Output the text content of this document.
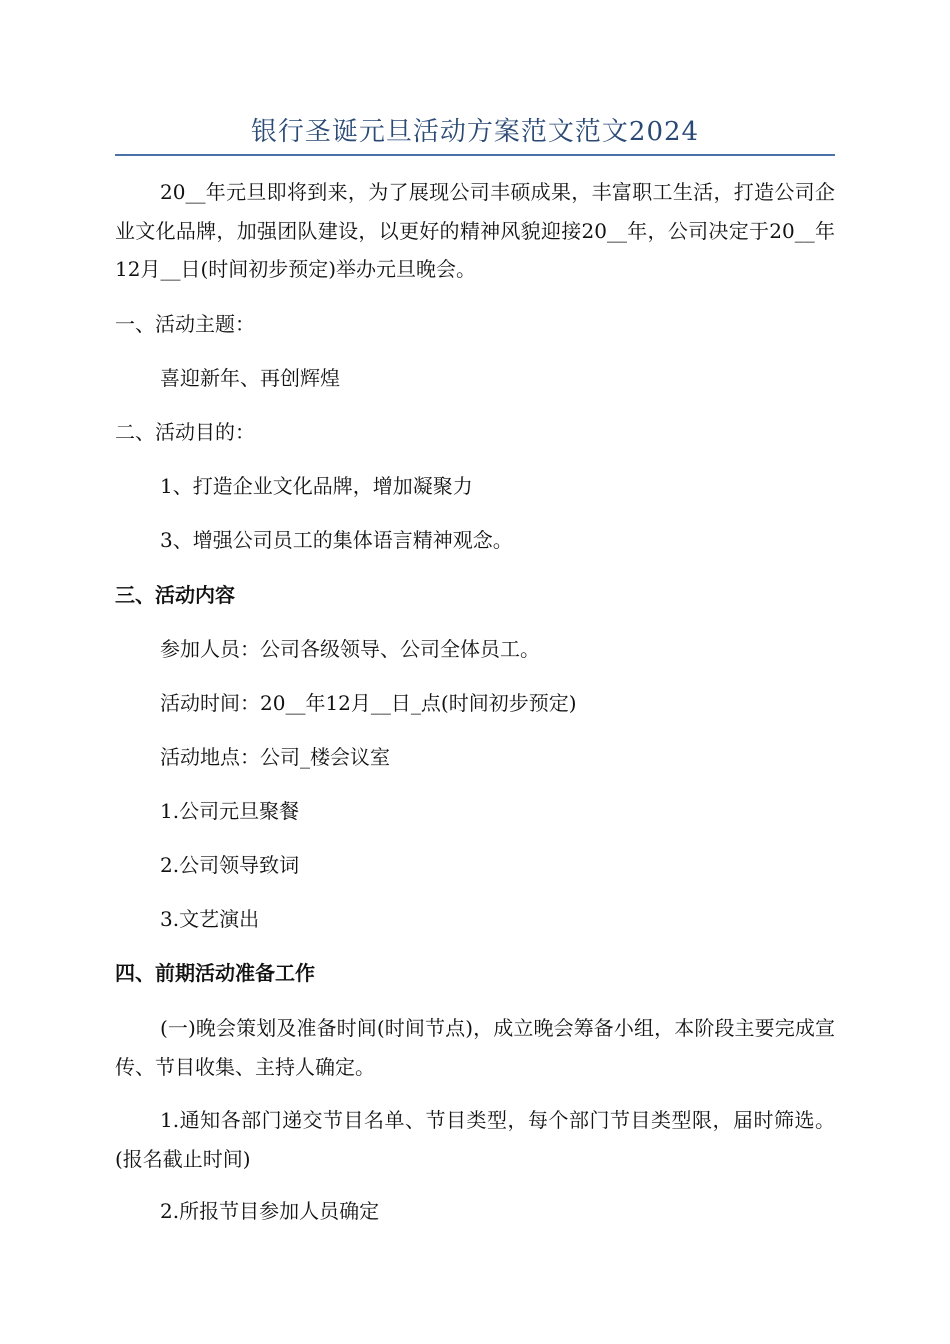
银行圣诞元旦活动方案范文范文2024

20__年元旦即将到来，为了展现公司丰硕成果，丰富职工生活，打造公司企业文化品牌，加强团队建设，以更好的精神风貌迎接20__年，公司决定于20__年12月__日(时间初步预定)举办元旦晚会。

一、活动主题：

喜迎新年、再创辉煌

二、活动目的：

1、打造企业文化品牌，增加凝聚力

3、增强公司员工的集体语言精神观念。

三、活动内容

参加人员：公司各级领导、公司全体员工。

活动时间：20__年12月__日_点(时间初步预定)

活动地点：公司_楼会议室

1.公司元旦聚餐

2.公司领导致词

3.文艺演出

四、前期活动准备工作

(一)晚会策划及准备时间(时间节点)，成立晚会筹备小组，本阶段主要完成宣传、节目收集、主持人确定。

1.通知各部门递交节目名单、节目类型，每个部门节目类型限，届时筛选。(报名截止时间)

2.所报节目参加人员确定
